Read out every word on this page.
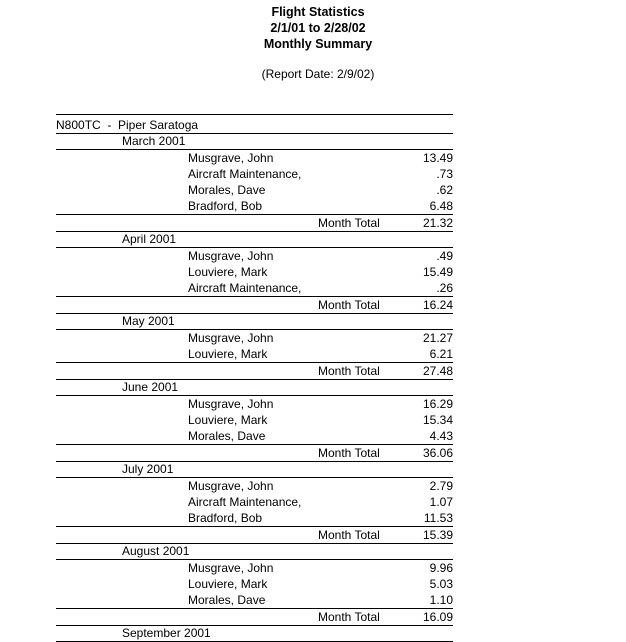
Flight Statistics
2/1/01 to 2/28/02
Monthly Summary
(Report Date: 2/9/02)
N800TC  -  Piper Saratoga
March 2001
Musgrave, John	13.49
Aircraft Maintenance,	.73
Morales, Dave	.62
Bradford, Bob	6.48
Month Total	21.32
April 2001
Musgrave, John	.49
Louviere, Mark	15.49
Aircraft Maintenance,	.26
Month Total	16.24
May 2001
Musgrave, John	21.27
Louviere, Mark	6.21
Month Total	27.48
June 2001
Musgrave, John	16.29
Louviere, Mark	15.34
Morales, Dave	4.43
Month Total	36.06
July 2001
Musgrave, John	2.79
Aircraft Maintenance,	1.07
Bradford, Bob	11.53
Month Total	15.39
August 2001
Musgrave, John	9.96
Louviere, Mark	5.03
Morales, Dave	1.10
Month Total	16.09
September 2001
